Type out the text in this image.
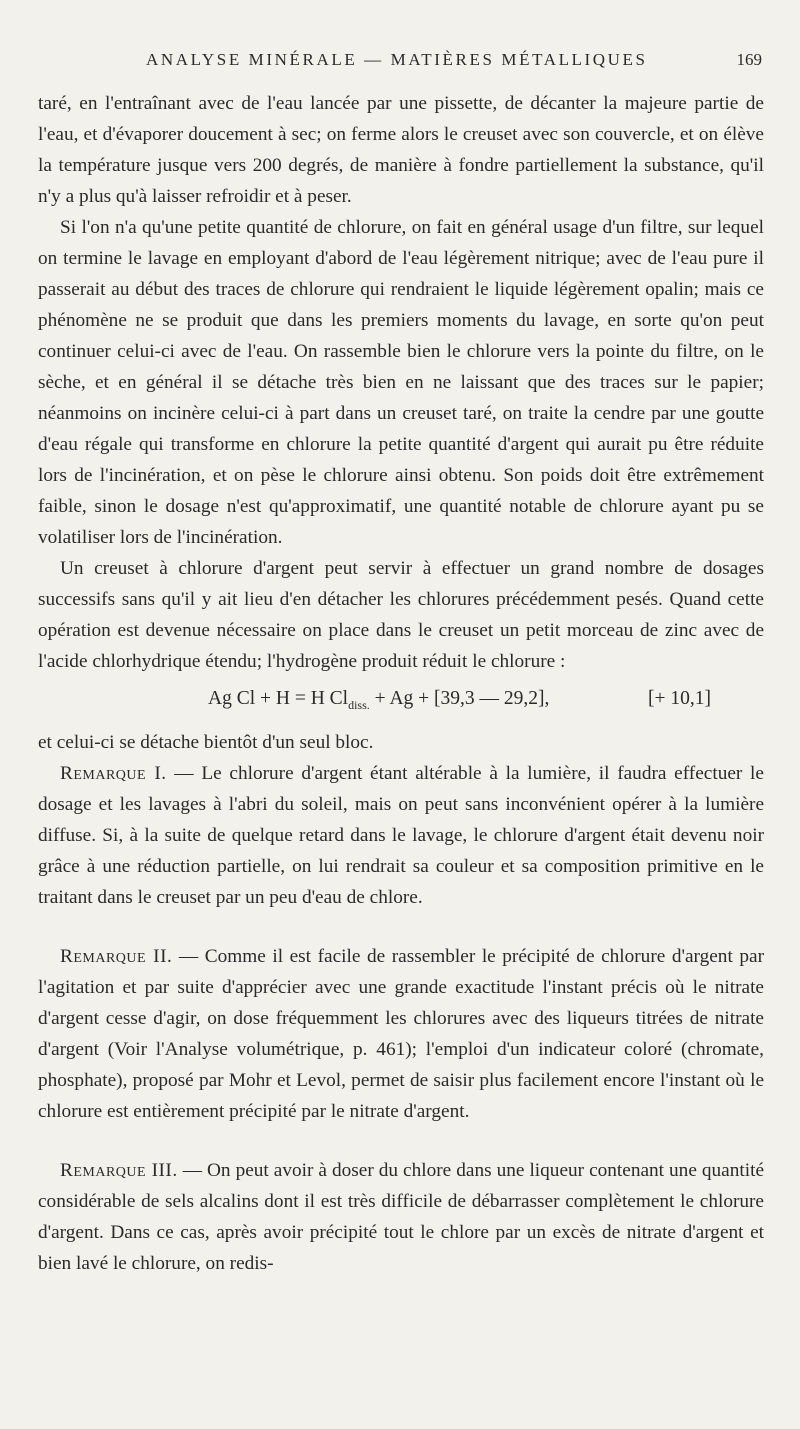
ANALYSE MINÉRALE — MATIÈRES MÉTALLIQUES	169

taré, en l'entraînant avec de l'eau lancée par une pissette, de décanter la majeure partie de l'eau, et d'évaporer doucement à sec; on ferme alors le creuset avec son couvercle, et on élève la température jusque vers 200 degrés, de manière à fondre partiellement la substance, qu'il n'y a plus qu'à laisser refroidir et à peser.

Si l'on n'a qu'une petite quantité de chlorure, on fait en général usage d'un filtre, sur lequel on termine le lavage en employant d'abord de l'eau légèrement nitrique; avec de l'eau pure il passerait au début des traces de chlorure qui rendraient le liquide légèrement opalin; mais ce phénomène ne se produit que dans les premiers moments du lavage, en sorte qu'on peut continuer celui-ci avec de l'eau. On rassemble bien le chlorure vers la pointe du filtre, on le sèche, et en général il se détache très bien en ne laissant que des traces sur le papier; néanmoins on incinère celui-ci à part dans un creuset taré, on traite la cendre par une goutte d'eau régale qui transforme en chlorure la petite quantité d'argent qui aurait pu être réduite lors de l'incinération, et on pèse le chlorure ainsi obtenu. Son poids doit être extrêmement faible, sinon le dosage n'est qu'approximatif, une quantité notable de chlorure ayant pu se volatiliser lors de l'incinération.

Un creuset à chlorure d'argent peut servir à effectuer un grand nombre de dosages successifs sans qu'il y ait lieu d'en détacher les chlorures précédemment pesés. Quand cette opération est devenue nécessaire on place dans le creuset un petit morceau de zinc avec de l'acide chlorhydrique étendu; l'hydrogène produit réduit le chlorure :

Ag Cl + H = H $Cl_{diss.} + Ag + [39,3$ — 29,2],	[+ 10,1]

et celui-ci se détache bientôt d'un seul bloc.

Remarque I. — Le chlorure d'argent étant altérable à la lumière, il faudra effectuer le dosage et les lavages à l'abri du soleil, mais on peut sans inconvénient opérer à la lumière diffuse. Si, à la suite de quelque retard dans le lavage, le chlorure d'argent était devenu noir grâce à une réduction partielle, on lui rendrait sa couleur et sa composition primitive en le traitant dans le creuset par un peu d'eau de chlore.

Remarque II. — Comme il est facile de rassembler le précipité de chlorure d'argent par l'agitation et par suite d'apprécier avec une grande exactitude l'instant précis où le nitrate d'argent cesse d'agir, on dose fréquemment les chlorures avec des liqueurs titrées de nitrate d'argent (Voir l'Analyse volumétrique, p. 461); l'emploi d'un indicateur coloré (chromate, phosphate), proposé par Mohr et Levol, permet de saisir plus facilement encore l'instant où le chlorure est entièrement précipité par le nitrate d'argent.

Remarque III. — On peut avoir à doser du chlore dans une liqueur contenant une quantité considérable de sels alcalins dont il est très difficile de débarrasser complètement le chlorure d'argent. Dans ce cas, après avoir précipité tout le chlore par un excès de nitrate d'argent et bien lavé le chlorure, on redis-
